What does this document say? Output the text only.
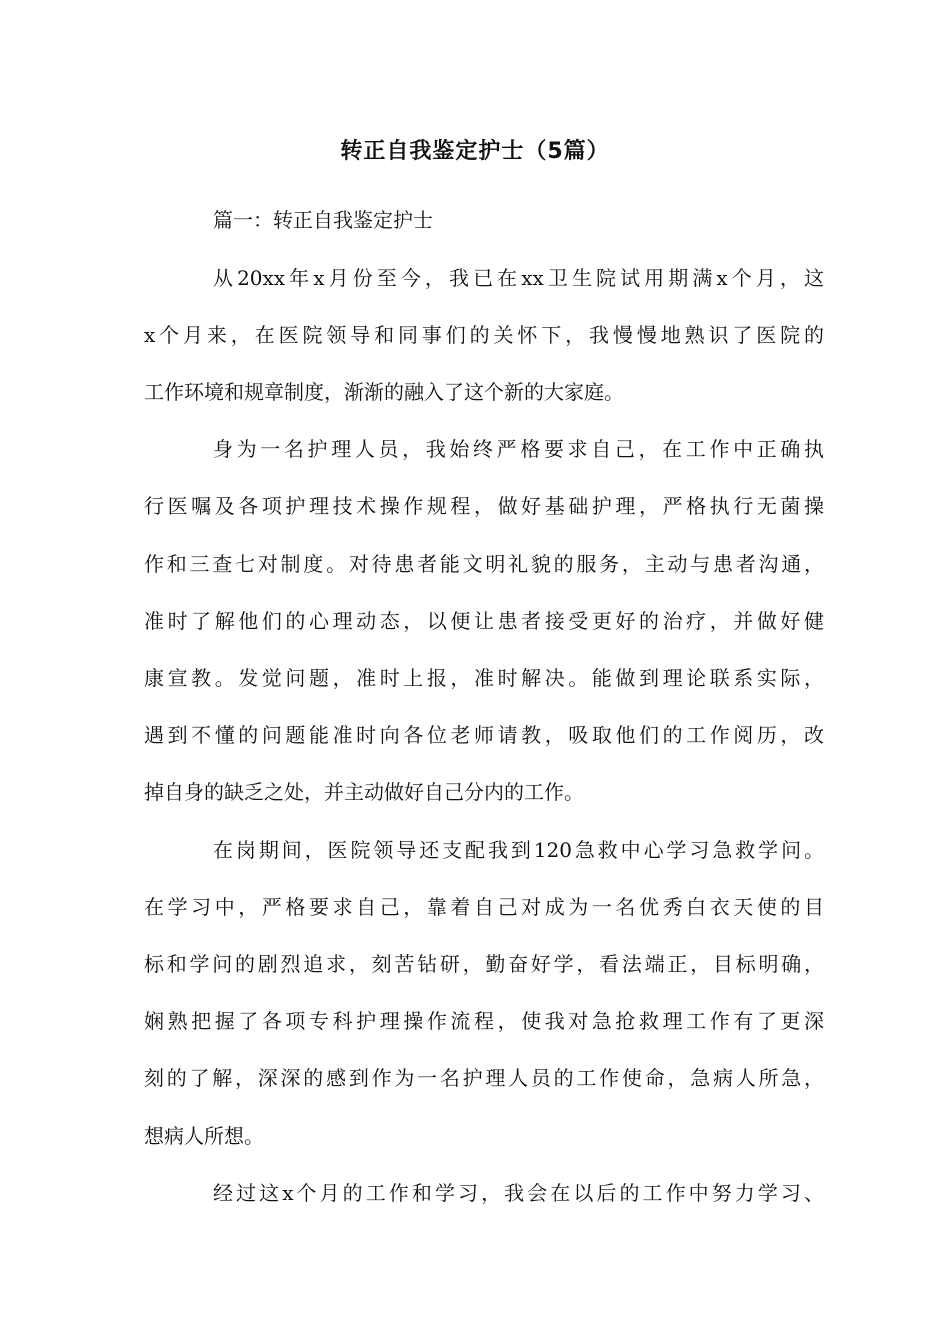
转正自我鉴定护士（5篇）
篇一：转正自我鉴定护士
从20xx年x月份至今，我已在xx卫生院试用期满x个月，这
x个月来，在医院领导和同事们的关怀下，我慢慢地熟识了医院的
工作环境和规章制度，渐渐的融入了这个新的大家庭。
身为一名护理人员，我始终严格要求自己，在工作中正确执
行医嘱及各项护理技术操作规程，做好基础护理，严格执行无菌操
作和三查七对制度。对待患者能文明礼貌的服务，主动与患者沟通，
准时了解他们的心理动态，以便让患者接受更好的治疗，并做好健
康宣教。发觉问题，准时上报，准时解决。能做到理论联系实际，
遇到不懂的问题能准时向各位老师请教，吸取他们的工作阅历，改
掉自身的缺乏之处，并主动做好自己分内的工作。
在岗期间，医院领导还支配我到120急救中心学习急救学问。
在学习中，严格要求自己，靠着自己对成为一名优秀白衣天使的目
标和学问的剧烈追求，刻苦钻研，勤奋好学，看法端正，目标明确，
娴熟把握了各项专科护理操作流程，使我对急抢救理工作有了更深
刻的了解，深深的感到作为一名护理人员的工作使命，急病人所急，
想病人所想。
经过这x个月的工作和学习，我会在以后的工作中努力学习、
